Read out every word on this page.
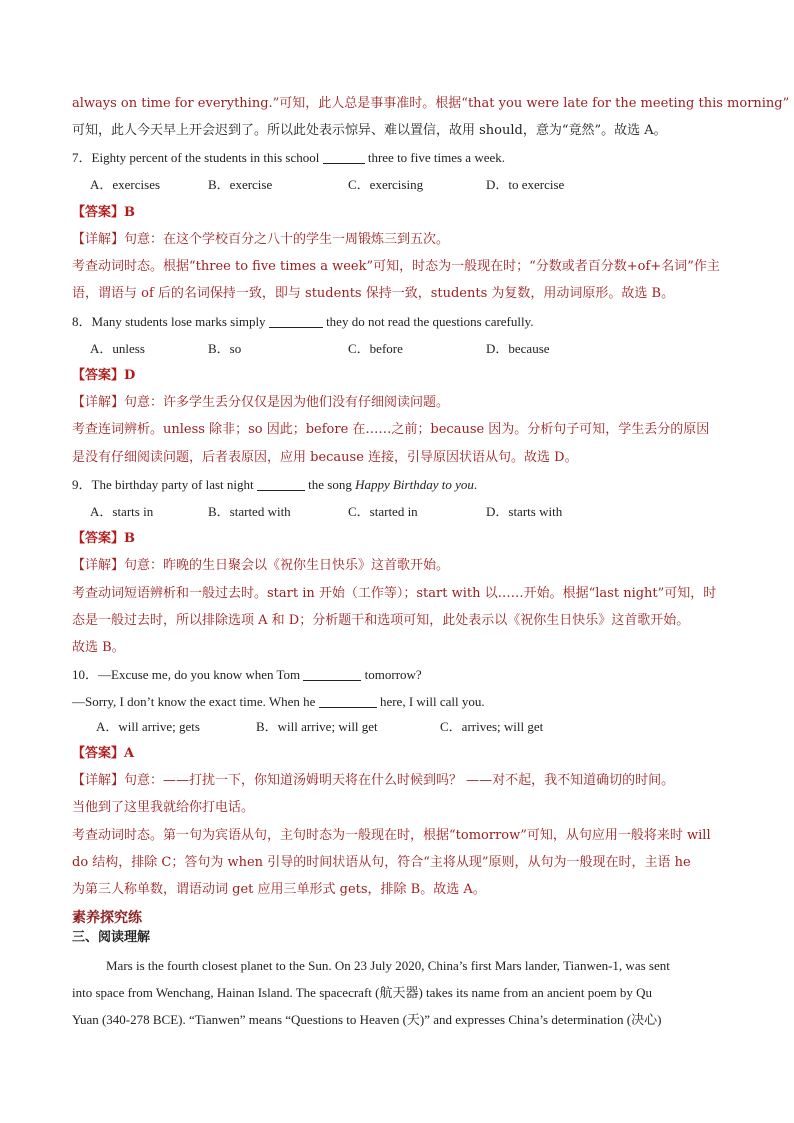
always on time for everything.”可知，此人总是事事准时。根据“that you were late for the meeting this morning”
可知，此人今天早上开会迟到了。所以此处表示惊异、难以置信，故用 should，意为“竟然”。故选 A。
7．Eighty percent of the students in this school	three to five times a week.
A．exercises	B．exercise	C．exercising	D．to exercise
【答案】B
【详解】句意：在这个学校百分之八十的学生一周锻炼三到五次。
考查动词时态。根据“three to five times a week”可知，时态为一般现在时；“分数或者百分数+of+名词”作主
语，谓语与 of 后的名词保持一致，即与 students 保持一致，students 为复数，用动词原形。故选 B。
8．Many students lose marks simply	they do not read the questions carefully.
A．unless	B．so	C．before	D．because
【答案】D
【详解】句意：许多学生丢分仅仅是因为他们没有仔细阅读问题。
考查连词辨析。unless 除非；so 因此；before 在……之前；because 因为。分析句子可知，学生丢分的原因
是没有仔细阅读问题，后者表原因，应用 because 连接，引导原因状语从句。故选 D。
9．The birthday party of last night	the song Happy Birthday to you.
A．starts in	B．started with	C．started in	D．starts with
【答案】B
【详解】句意：昨晚的生日聚会以《祝你生日快乐》这首歌开始。
考查动词短语辨析和一般过去时。start in 开始（工作等）；start with 以……开始。根据“last night”可知，时
态是一般过去时，所以排除选项 A 和 D；分析题干和选项可知，此处表示以《祝你生日快乐》这首歌开始。
故选 B。
10．—Excuse me, do you know when Tom	tomorrow?
—Sorry, I don’t know the exact time. When he	here, I will call you.
A．will arrive; gets	B．will arrive; will get	C．arrives; will get
【答案】A
【详解】句意：——打扰一下，你知道汤姆明天将在什么时候到吗？ ——对不起，我不知道确切的时间。
当他到了这里我就给你打电话。
考查动词时态。第一句为宾语从句，主句时态为一般现在时，根据“tomorrow”可知，从句应用一般将来时 will
do 结构，排除 C；答句为 when 引导的时间状语从句，符合“主将从现”原则，从句为一般现在时，主语 he
为第三人称单数，谓语动词 get 应用三单形式 gets，排除 B。故选 A。
素养探究练
三、阅读理解
Mars is the fourth closest planet to the Sun. On 23 July 2020, China’s first Mars lander, Tianwen-1, was sent
into space from Wenchang, Hainan Island. The spacecraft (航天器) takes its name from an ancient poem by Qu
Yuan (340-278 BCE). “Tianwen” means “Questions to Heaven (天)” and expresses China’s determination (决心)
